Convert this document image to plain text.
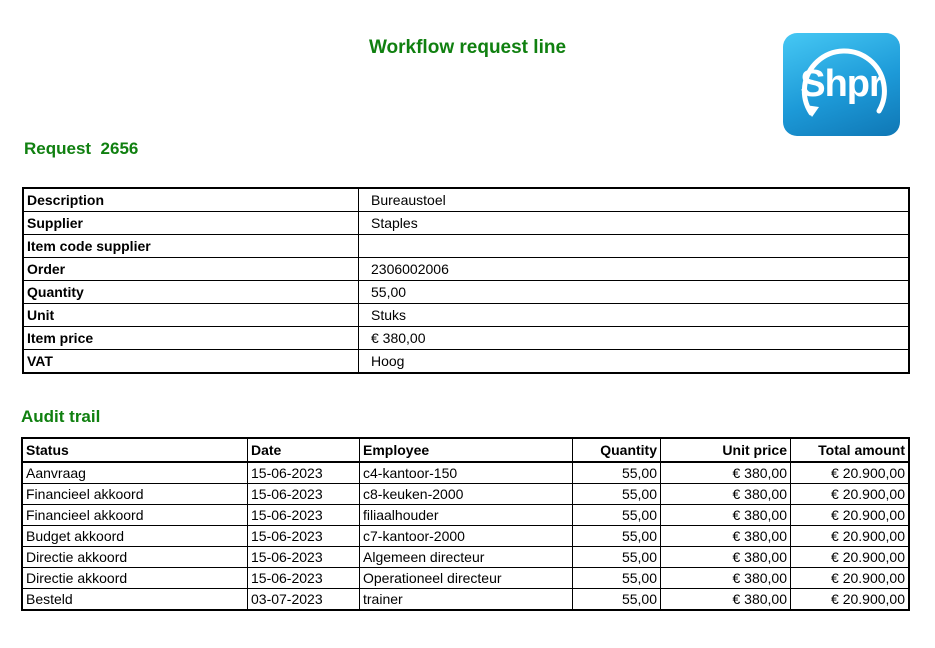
Workflow request line
Shpr
Request 2656
Description	Bureaustoel
Supplier	Staples
Item code supplier	
Order	2306002006
Quantity	55,00
Unit	Stuks
Item price	€ 380,00
VAT	Hoog
Audit trail
Status	Date	Employee	Quantity	Unit price	Total amount
Aanvraag	15-06-2023	c4-kantoor-150	55,00	€ 380,00	€ 20.900,00
Financieel akkoord	15-06-2023	c8-keuken-2000	55,00	€ 380,00	€ 20.900,00
Financieel akkoord	15-06-2023	filiaalhouder	55,00	€ 380,00	€ 20.900,00
Budget akkoord	15-06-2023	c7-kantoor-2000	55,00	€ 380,00	€ 20.900,00
Directie akkoord	15-06-2023	Algemeen directeur	55,00	€ 380,00	€ 20.900,00
Directie akkoord	15-06-2023	Operationeel directeur	55,00	€ 380,00	€ 20.900,00
Besteld	03-07-2023	trainer	55,00	€ 380,00	€ 20.900,00
